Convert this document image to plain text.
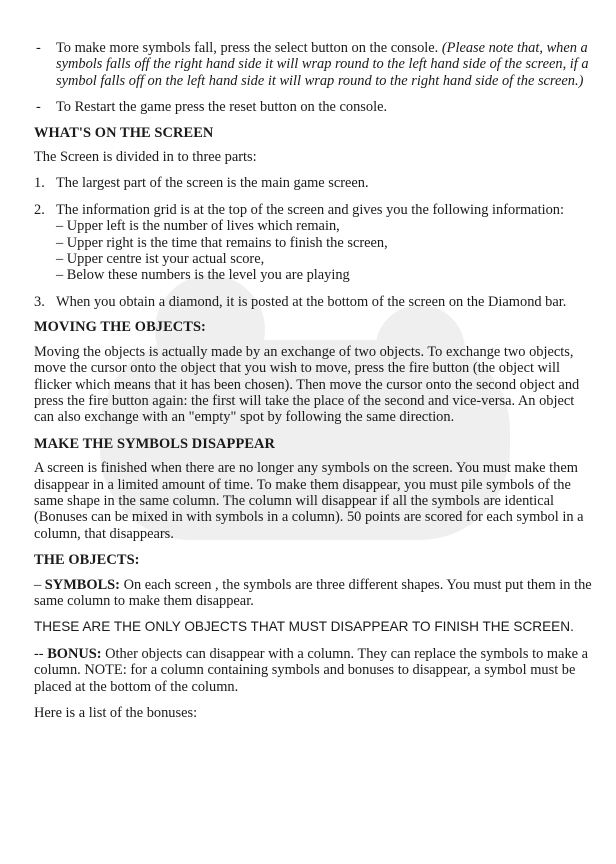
- To make more symbols fall, press the select button on the console. (Please note that, when a symbols falls off the right hand side it will wrap round to the left hand side of the screen, if a symbol falls off on the left hand side it will wrap round to the right hand side of the screen.)
- To Restart the game press the reset button on the console.
WHAT'S ON THE SCREEN

The Screen is divided in to three parts:

1. The largest part of the screen is the main game screen.
2. The information grid is at the top of the screen and gives you the following information:
– Upper left is the number of lives which remain,
– Upper right is the time that remains to finish the screen,
– Upper centre ist your actual score,
– Below these numbers is the level you are playing
3. When you obtain a diamond, it is posted at the bottom of the screen on the Diamond bar.
MOVING THE OBJECTS:

Moving the objects is actually made by an exchange of two objects. To exchange two objects, move the cursor onto the object that you wish to move, press the fire button (the object will flicker which means that it has been chosen). Then move the cursor onto the second object and press the fire button again: the first will take the place of the second and vice-versa. An object can also exchange with an "empty" spot by following the same direction.

MAKE THE SYMBOLS DISAPPEAR

A screen is finished when there are no longer any symbols on the screen. You must make them disappear in a limited amount of time. To make them disappear, you must pile symbols of the same shape in the same column. The column will disappear if all the symbols are identical (Bonuses can be mixed in with symbols in a column). 50 points are scored for each symbol in a column, that disappears.

THE OBJECTS:

– SYMBOLS: On each screen , the symbols are three different shapes. You must put them in the same column to make them disappear.

THESE ARE THE ONLY OBJECTS THAT MUST DISAPPEAR TO FINISH THE SCREEN.

-- BONUS: Other objects can disappear with a column. They can replace the symbols to make a column. NOTE: for a column containing symbols and bonuses to disappear, a symbol must be placed at the bottom of the column.

Here is a list of the bonuses:
